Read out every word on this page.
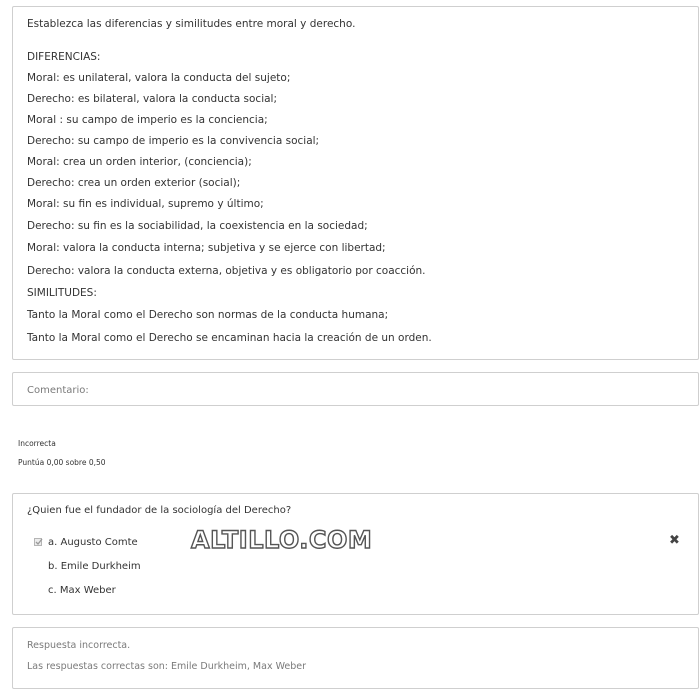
Establezca las diferencias y similitudes entre moral y derecho.
DIFERENCIAS:
Moral: es unilateral, valora la conducta del sujeto;
Derecho: es bilateral, valora la conducta social;
Moral : su campo de imperio es la conciencia;
Derecho: su campo de imperio es la convivencia social;
Moral: crea un orden interior, (conciencia);
Derecho: crea un orden exterior (social);
Moral: su fin es individual, supremo y último;
Derecho: su fin es la sociabilidad, la coexistencia en la sociedad;
Moral: valora la conducta interna; subjetiva y se ejerce con libertad;
Derecho: valora la conducta externa, objetiva y es obligatorio por coacción.
SIMILITUDES:
Tanto la Moral como el Derecho son normas de la conducta humana;
Tanto la Moral como el Derecho se encaminan hacia la creación de un orden.
Comentario:
Incorrecta
Puntúa 0,00 sobre 0,50
¿Quien fue el fundador de la sociología del Derecho?
a. Augusto Comte
b. Emile Durkheim
c. Max Weber
ALTILLO.COM	✖
Respuesta incorrecta.
Las respuestas correctas son: Emile Durkheim, Max Weber
